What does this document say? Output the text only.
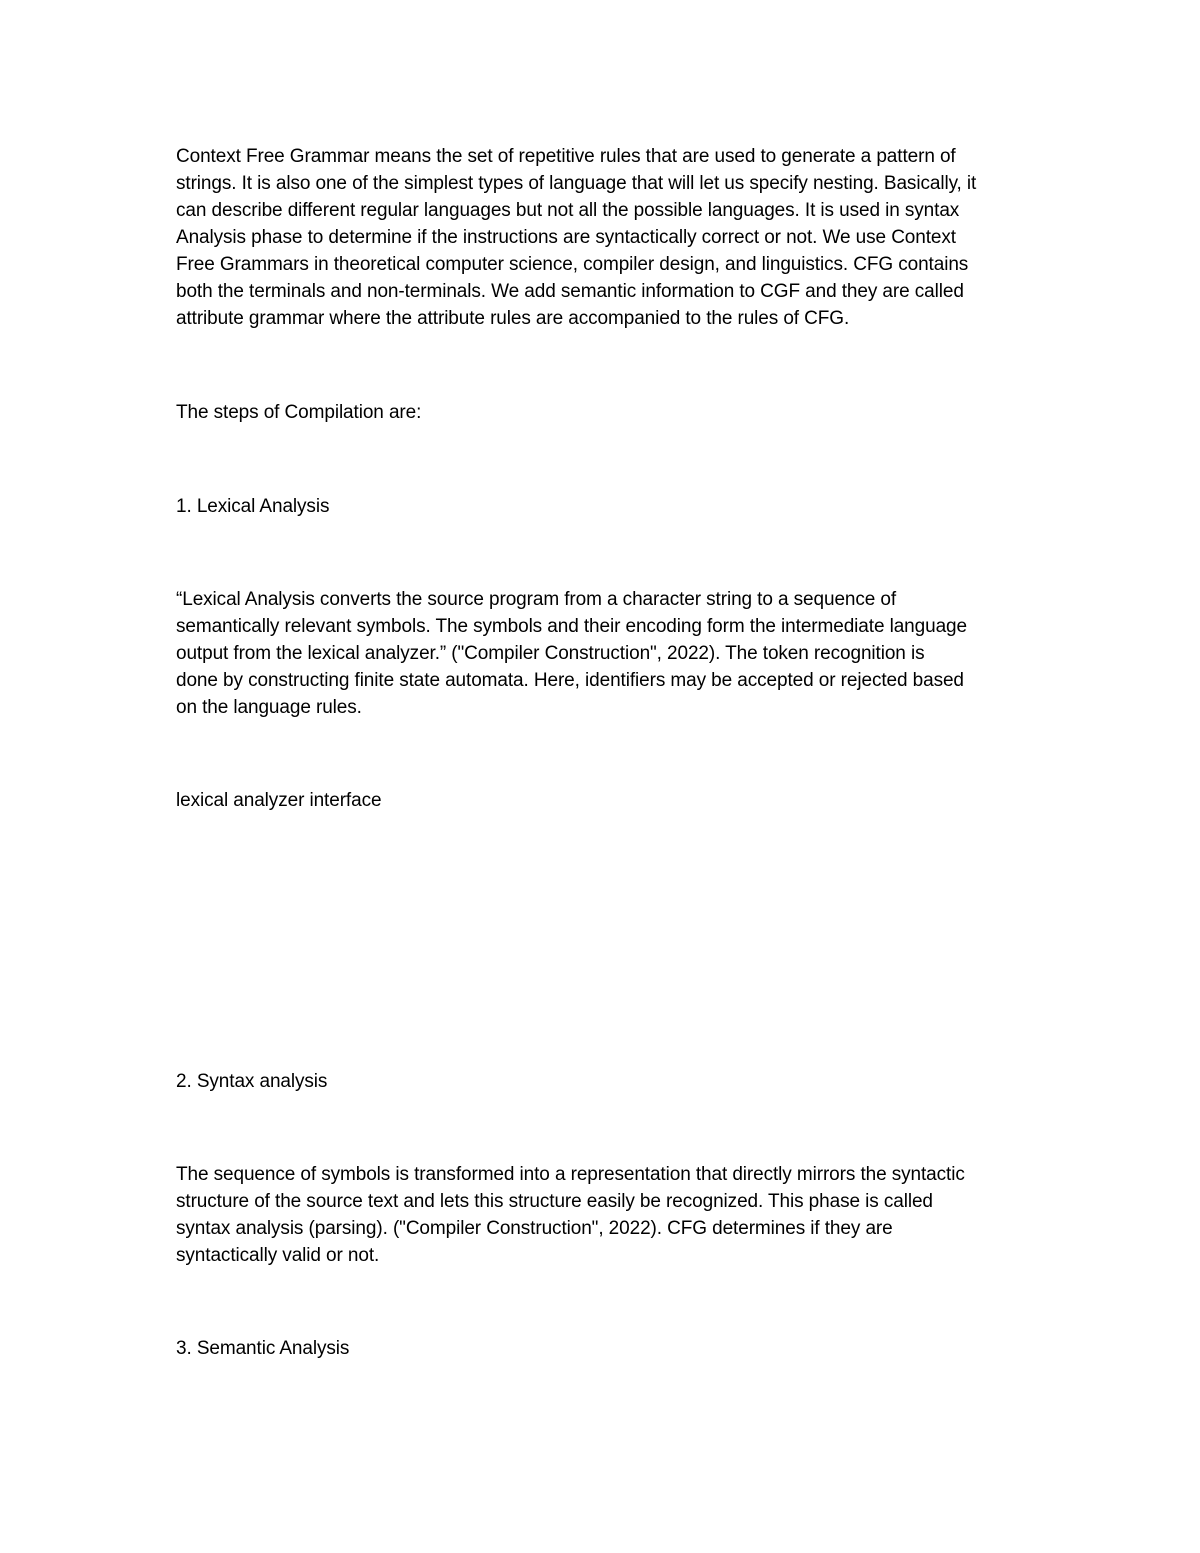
Context Free Grammar means the set of repetitive rules that are used to generate a pattern of

strings. It is also one of the simplest types of language that will let us specify nesting. Basically, it

can describe different regular languages but not all the possible languages. It is used in syntax

Analysis phase to determine if the instructions are syntactically correct or not. We use Context

Free Grammars in theoretical computer science, compiler design, and linguistics. CFG contains

both the terminals and non-terminals. We add semantic information to CGF and they are called

attribute grammar where the attribute rules are accompanied to the rules of CFG.

The steps of Compilation are:

1. Lexical Analysis

“Lexical Analysis converts the source program from a character string to a sequence of

semantically relevant symbols. The symbols and their encoding form the intermediate language

output from the lexical analyzer.” ("Compiler Construction", 2022). The token recognition is

done by constructing finite state automata. Here, identifiers may be accepted or rejected based

on the language rules.

lexical analyzer interface

2. Syntax analysis

The sequence of symbols is transformed into a representation that directly mirrors the syntactic

structure of the source text and lets this structure easily be recognized. This phase is called

syntax analysis (parsing). ("Compiler Construction", 2022). CFG determines if they are

syntactically valid or not.

3. Semantic Analysis
